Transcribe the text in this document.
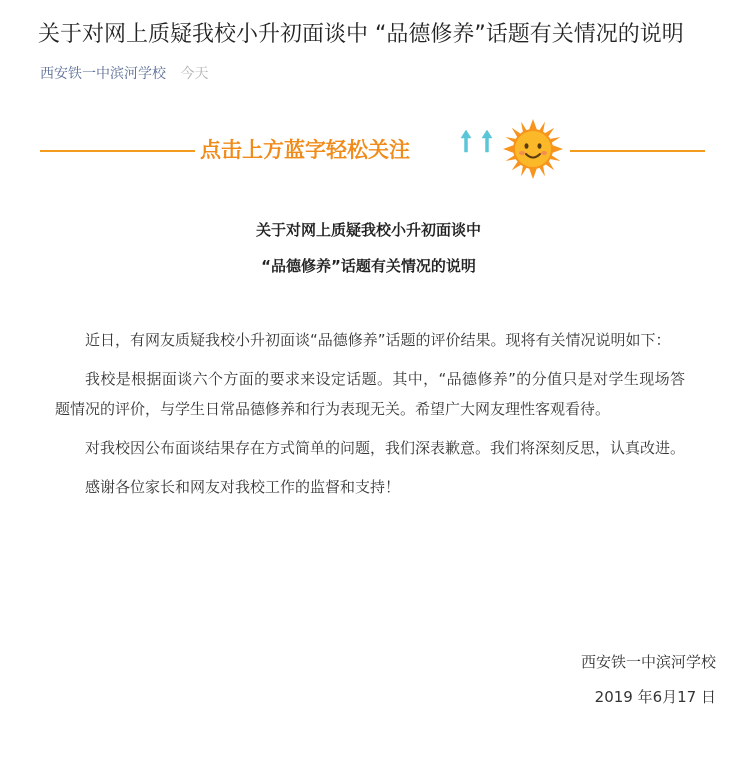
关于对网上质疑我校小升初面谈中 “品德修养”话题有关情况的说明
西安铁一中滨河学校 今天
点击上方蓝字轻松关注
关于对网上质疑我校小升初面谈中
“品德修养”话题有关情况的说明

近日，有网友质疑我校小升初面谈“品德修养”话题的评价结果。现将有关情况说明如下：

我校是根据面谈六个方面的要求来设定话题。其中，“品德修养”的分值只是对学生现场答题情况的评价，与学生日常品德修养和行为表现无关。希望广大网友理性客观看待。

对我校因公布面谈结果存在方式简单的问题，我们深表歉意。我们将深刻反思，认真改进。

感谢各位家长和网友对我校工作的监督和支持！

西安铁一中滨河学校
2019 年6月17 日
